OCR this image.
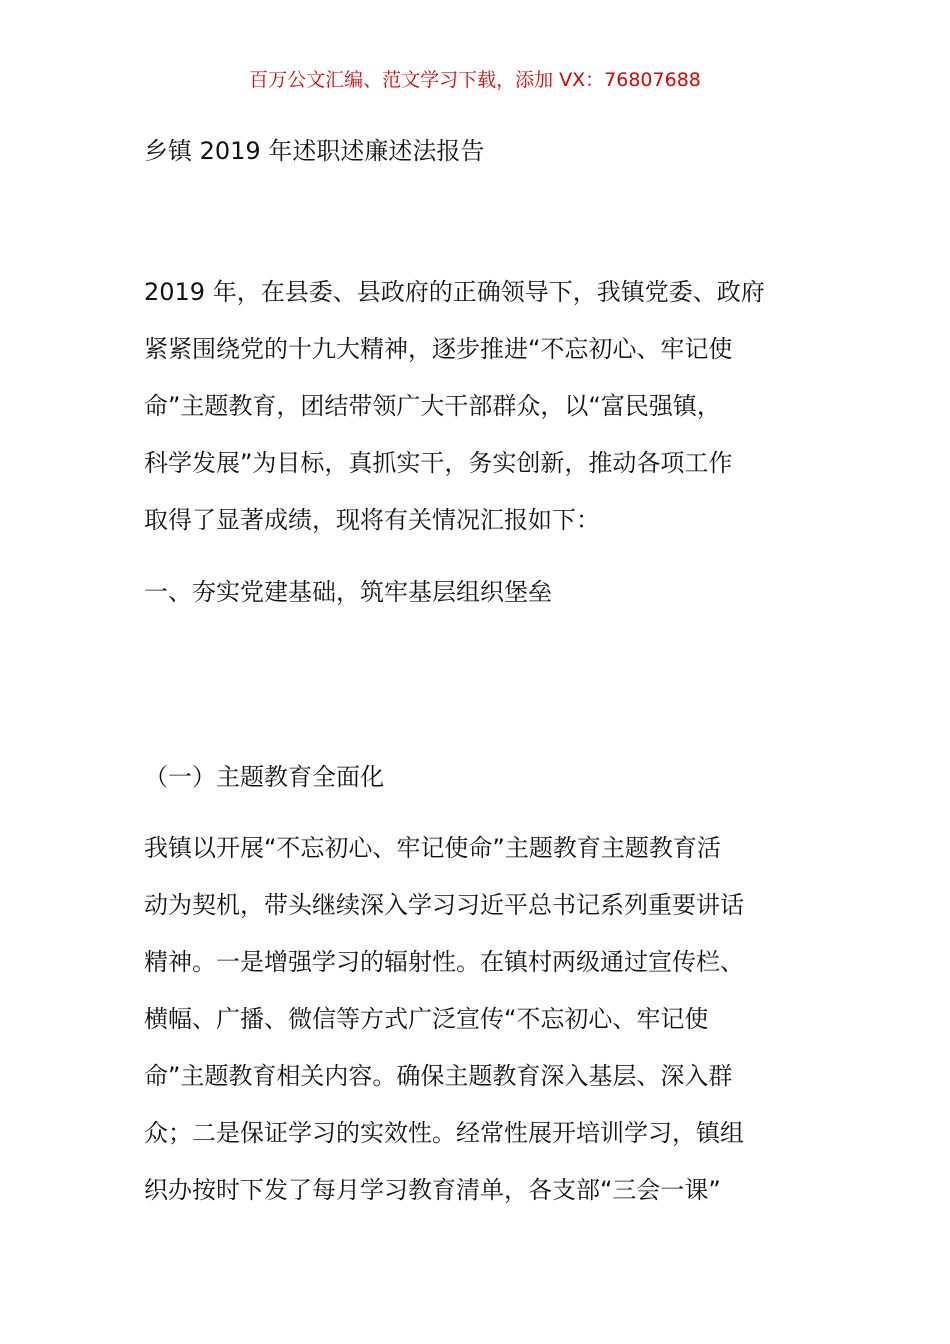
百万公文汇编、范文学习下载，添加 VX：76807688
乡镇 2019 年述职述廉述法报告
2019 年，在县委、县政府的正确领导下，我镇党委、政府
紧紧围绕党的十九大精神，逐步推进“不忘初心、牢记使
命”主题教育，团结带领广大干部群众，以“富民强镇，
科学发展”为目标，真抓实干，务实创新，推动各项工作
取得了显著成绩，现将有关情况汇报如下：
一、夯实党建基础，筑牢基层组织堡垒
（一）主题教育全面化
我镇以开展“不忘初心、牢记使命”主题教育主题教育活
动为契机，带头继续深入学习习近平总书记系列重要讲话
精神。一是增强学习的辐射性。在镇村两级通过宣传栏、
横幅、广播、微信等方式广泛宣传“不忘初心、牢记使
命”主题教育相关内容。确保主题教育深入基层、深入群
众；二是保证学习的实效性。经常性展开培训学习，镇组
织办按时下发了每月学习教育清单，各支部“三会一课”
